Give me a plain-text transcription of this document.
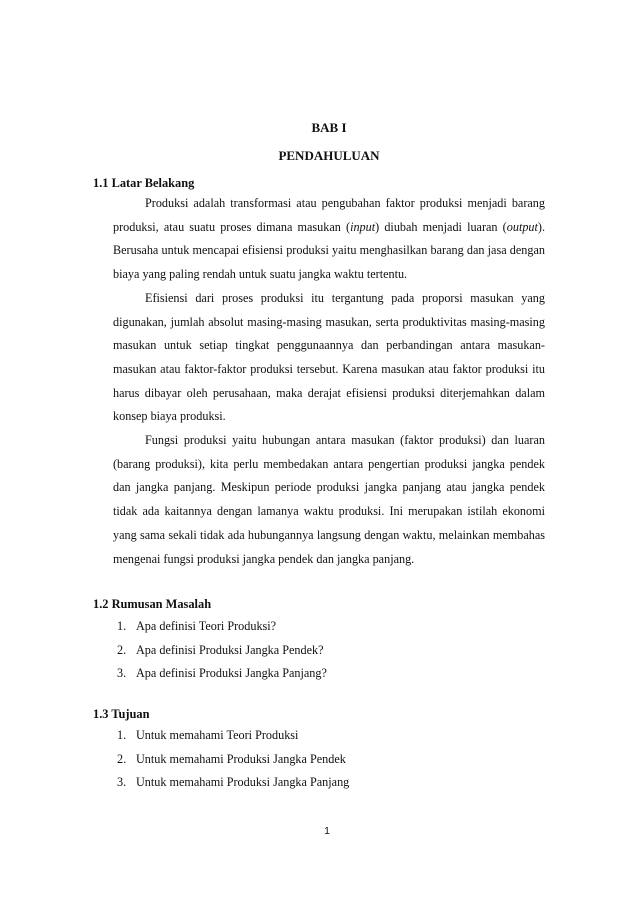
BAB I
PENDAHULUAN
1.1 Latar Belakang

Produksi adalah transformasi atau pengubahan faktor produksi menjadi barang produksi, atau suatu proses dimana masukan (input) diubah menjadi luaran (output). Berusaha untuk mencapai efisiensi produksi yaitu menghasilkan barang dan jasa dengan biaya yang paling rendah untuk suatu jangka waktu tertentu.

Efisiensi dari proses produksi itu tergantung pada proporsi masukan yang digunakan, jumlah absolut masing-masing masukan, serta produktivitas masing-masing masukan untuk setiap tingkat penggunaannya dan perbandingan antara masukan-masukan atau faktor-faktor produksi tersebut. Karena masukan atau faktor produksi itu harus dibayar oleh perusahaan, maka derajat efisiensi produksi diterjemahkan dalam konsep biaya produksi.

Fungsi produksi yaitu hubungan antara masukan (faktor produksi) dan luaran (barang produksi), kita perlu membedakan antara pengertian produksi jangka pendek dan jangka panjang. Meskipun periode produksi jangka panjang atau jangka pendek tidak ada kaitannya dengan lamanya waktu produksi. Ini merupakan istilah ekonomi yang sama sekali tidak ada hubungannya langsung dengan waktu, melainkan membahas mengenai fungsi produksi jangka pendek dan jangka panjang.

1.2 Rumusan Masalah
1. Apa definisi Teori Produksi?
2. Apa definisi Produksi Jangka Pendek?
3. Apa definisi Produksi Jangka Panjang?
1.3 Tujuan
1. Untuk memahami Teori Produksi
2. Untuk memahami Produksi Jangka Pendek
3. Untuk memahami Produksi Jangka Panjang
1
